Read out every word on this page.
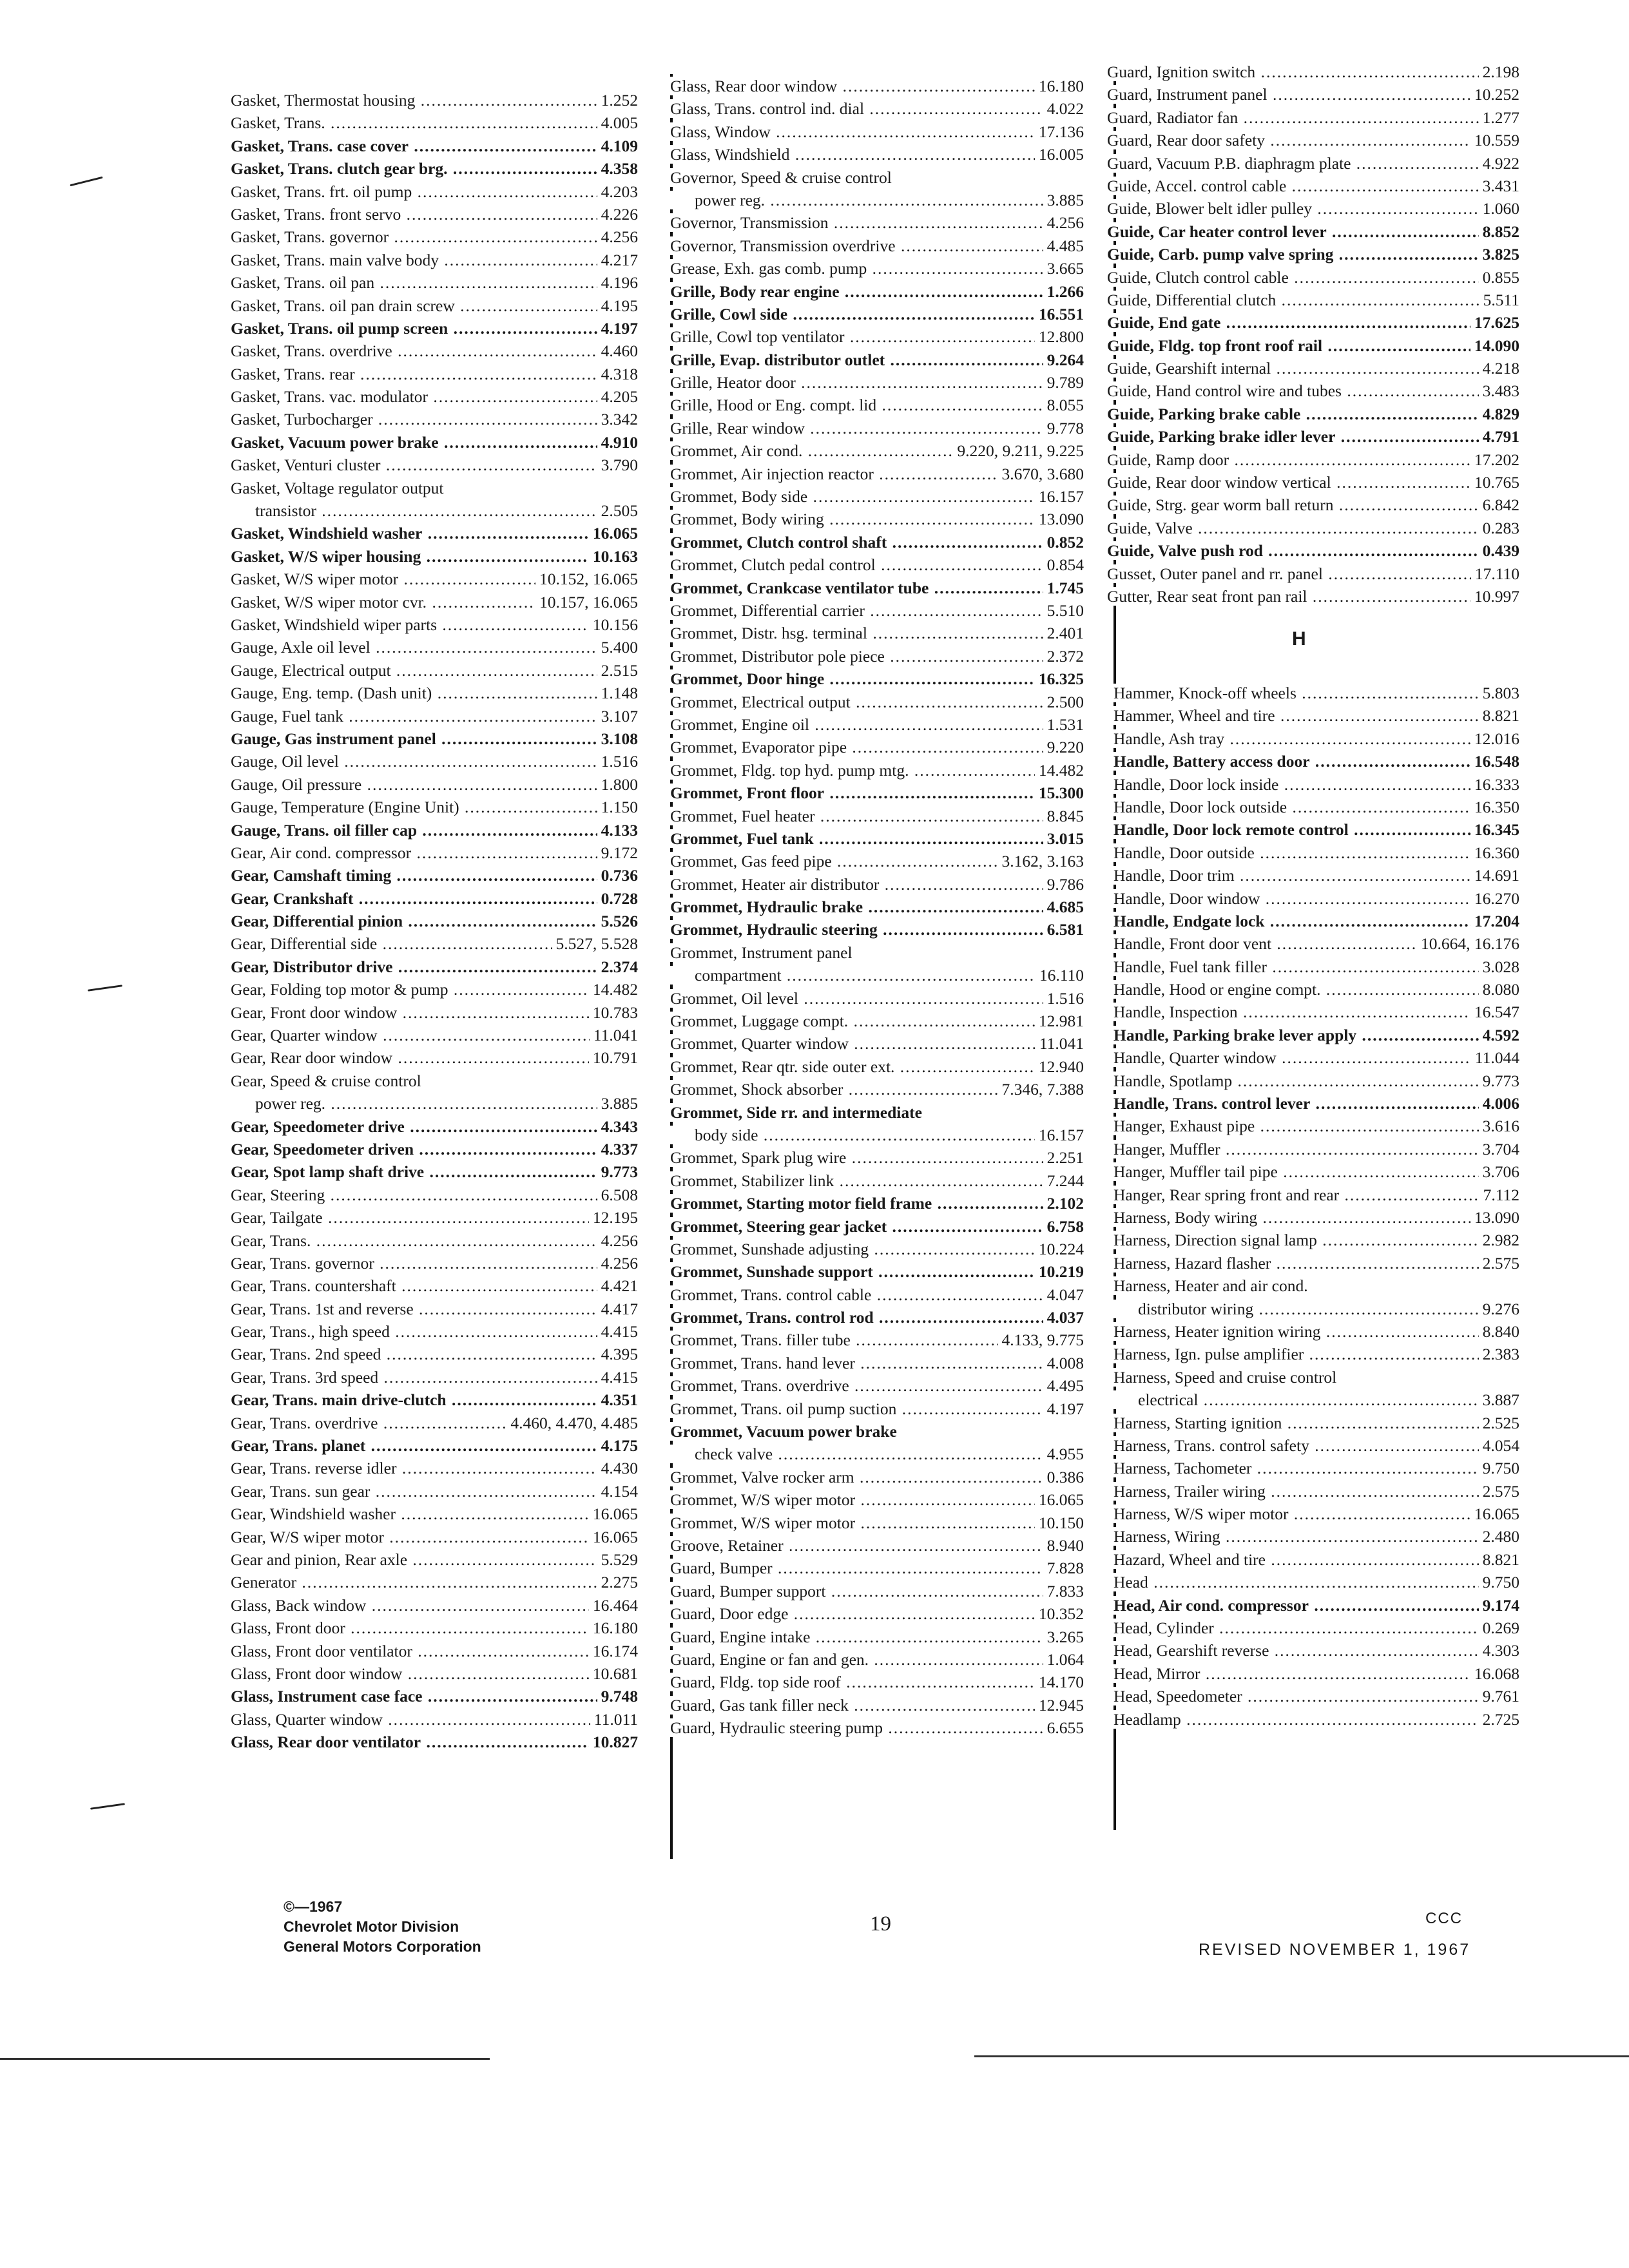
Gasket, Thermostat housing .....	1.252
Gasket, Trans. .....	4.005
Gasket, Trans. case cover .....	4.109
Gasket, Trans. clutch gear brg. .....	4.358
Gasket, Trans. frt. oil pump .....	4.203
Gasket, Trans. front servo .....	4.226
Gasket, Trans. governor .....	4.256
Gasket, Trans. main valve body .....	4.217
Gasket, Trans. oil pan .....	4.196
Gasket, Trans. oil pan drain screw .....	4.195
Gasket, Trans. oil pump screen .....	4.197
Gasket, Trans. overdrive .....	4.460
Gasket, Trans. rear .....	4.318
Gasket, Trans. vac. modulator .....	4.205
Gasket, Turbocharger .....	3.342
Gasket, Vacuum power brake .....	4.910
Gasket, Venturi cluster .....	3.790
Gasket, Voltage regulator output
transistor .....	2.505
Gasket, Windshield washer .....	16.065
Gasket, W/S wiper housing .....	10.163
Gasket, W/S wiper motor .....	10.152, 16.065
Gasket, W/S wiper motor cvr. .....	10.157, 16.065
Gasket, Windshield wiper parts .....	10.156
Gauge, Axle oil level .....	5.400
Gauge, Electrical output .....	2.515
Gauge, Eng. temp. (Dash unit) .....	1.148
Gauge, Fuel tank .....	3.107
Gauge, Gas instrument panel .....	3.108
Gauge, Oil level .....	1.516
Gauge, Oil pressure .....	1.800
Gauge, Temperature (Engine Unit) .....	1.150
Gauge, Trans. oil filler cap .....	4.133
Gear, Air cond. compressor .....	9.172
Gear, Camshaft timing .....	0.736
Gear, Crankshaft .....	0.728
Gear, Differential pinion .....	5.526
Gear, Differential side .....	5.527, 5.528
Gear, Distributor drive .....	2.374
Gear, Folding top motor & pump .....	14.482
Gear, Front door window .....	10.783
Gear, Quarter window .....	11.041
Gear, Rear door window .....	10.791
Gear, Speed & cruise control
power reg. .....	3.885
Gear, Speedometer drive .....	4.343
Gear, Speedometer driven .....	4.337
Gear, Spot lamp shaft drive .....	9.773
Gear, Steering .....	6.508
Gear, Tailgate .....	12.195
Gear, Trans. .....	4.256
Gear, Trans. governor .....	4.256
Gear, Trans. countershaft .....	4.421
Gear, Trans. 1st and reverse .....	4.417
Gear, Trans., high speed .....	4.415
Gear, Trans. 2nd speed .....	4.395
Gear, Trans. 3rd speed .....	4.415
Gear, Trans. main drive-clutch .....	4.351
Gear, Trans. overdrive .....	4.460, 4.470, 4.485
Gear, Trans. planet .....	4.175
Gear, Trans. reverse idler .....	4.430
Gear, Trans. sun gear .....	4.154
Gear, Windshield washer .....	16.065
Gear, W/S wiper motor .....	16.065
Gear and pinion, Rear axle .....	5.529
Generator .....	2.275
Glass, Back window .....	16.464
Glass, Front door .....	16.180
Glass, Front door ventilator .....	16.174
Glass, Front door window .....	10.681
Glass, Instrument case face .....	9.748
Glass, Quarter window .....	11.011
Glass, Rear door ventilator .....	10.827
Glass, Rear door window .....	16.180
Glass, Trans. control ind. dial .....	4.022
Glass, Window .....	17.136
Glass, Windshield .....	16.005
Governor, Speed & cruise control
power reg. .....	3.885
Governor, Transmission .....	4.256
Governor, Transmission overdrive .....	4.485
Grease, Exh. gas comb. pump .....	3.665
Grille, Body rear engine .....	1.266
Grille, Cowl side .....	16.551
Grille, Cowl top ventilator .....	12.800
Grille, Evap. distributor outlet .....	9.264
Grille, Heator door .....	9.789
Grille, Hood or Eng. compt. lid .....	8.055
Grille, Rear window .....	9.778
Grommet, Air cond. .....	9.220, 9.211, 9.225
Grommet, Air injection reactor .....	3.670, 3.680
Grommet, Body side .....	16.157
Grommet, Body wiring .....	13.090
Grommet, Clutch control shaft .....	0.852
Grommet, Clutch pedal control .....	0.854
Grommet, Crankcase ventilator tube .....	1.745
Grommet, Differential carrier .....	5.510
Grommet, Distr. hsg. terminal .....	2.401
Grommet, Distributor pole piece .....	2.372
Grommet, Door hinge .....	16.325
Grommet, Electrical output .....	2.500
Grommet, Engine oil .....	1.531
Grommet, Evaporator pipe .....	9.220
Grommet, Fldg. top hyd. pump mtg. .....	14.482
Grommet, Front floor .....	15.300
Grommet, Fuel heater .....	8.845
Grommet, Fuel tank .....	3.015
Grommet, Gas feed pipe .....	3.162, 3.163
Grommet, Heater air distributor .....	9.786
Grommet, Hydraulic brake .....	4.685
Grommet, Hydraulic steering .....	6.581
Grommet, Instrument panel
compartment .....	16.110
Grommet, Oil level .....	1.516
Grommet, Luggage compt. .....	12.981
Grommet, Quarter window .....	11.041
Grommet, Rear qtr. side outer ext. .....	12.940
Grommet, Shock absorber .....	7.346, 7.388
Grommet, Side rr. and intermediate
body side .....	16.157
Grommet, Spark plug wire .....	2.251
Grommet, Stabilizer link .....	7.244
Grommet, Starting motor field frame .....	2.102
Grommet, Steering gear jacket .....	6.758
Grommet, Sunshade adjusting .....	10.224
Grommet, Sunshade support .....	10.219
Grommet, Trans. control cable .....	4.047
Grommet, Trans. control rod .....	4.037
Grommet, Trans. filler tube .....	4.133, 9.775
Grommet, Trans. hand lever .....	4.008
Grommet, Trans. overdrive .....	4.495
Grommet, Trans. oil pump suction .....	4.197
Grommet, Vacuum power brake
check valve .....	4.955
Grommet, Valve rocker arm .....	0.386
Grommet, W/S wiper motor .....	16.065
Grommet, W/S wiper motor .....	10.150
Groove, Retainer .....	8.940
Guard, Bumper .....	7.828
Guard, Bumper support .....	7.833
Guard, Door edge .....	10.352
Guard, Engine intake .....	3.265
Guard, Engine or fan and gen. .....	1.064
Guard, Fldg. top side roof .....	14.170
Guard, Gas tank filler neck .....	12.945
Guard, Hydraulic steering pump .....	6.655
Guard, Ignition switch .....	2.198
Guard, Instrument panel .....	10.252
Guard, Radiator fan .....	1.277
Guard, Rear door safety .....	10.559
Guard, Vacuum P.B. diaphragm plate .....	4.922
Guide, Accel. control cable .....	3.431
Guide, Blower belt idler pulley .....	1.060
Guide, Car heater control lever .....	8.852
Guide, Carb. pump valve spring .....	3.825
Guide, Clutch control cable .....	0.855
Guide, Differential clutch .....	5.511
Guide, End gate .....	17.625
Guide, Fldg. top front roof rail .....	14.090
Guide, Gearshift internal .....	4.218
Guide, Hand control wire and tubes .....	3.483
Guide, Parking brake cable .....	4.829
Guide, Parking brake idler lever .....	4.791
Guide, Ramp door .....	17.202
Guide, Rear door window vertical .....	10.765
Guide, Strg. gear worm ball return .....	6.842
Guide, Valve .....	0.283
Guide, Valve push rod .....	0.439
Gusset, Outer panel and rr. panel .....	17.110
Gutter, Rear seat front pan rail .....	10.997
H
Hammer, Knock-off wheels .....	5.803
Hammer, Wheel and tire .....	8.821
Handle, Ash tray .....	12.016
Handle, Battery access door .....	16.548
Handle, Door lock inside .....	16.333
Handle, Door lock outside .....	16.350
Handle, Door lock remote control .....	16.345
Handle, Door outside .....	16.360
Handle, Door trim .....	14.691
Handle, Door window .....	16.270
Handle, Endgate lock .....	17.204
Handle, Front door vent .....	10.664, 16.176
Handle, Fuel tank filler .....	3.028
Handle, Hood or engine compt. .....	8.080
Handle, Inspection .....	16.547
Handle, Parking brake lever apply .....	4.592
Handle, Quarter window .....	11.044
Handle, Spotlamp .....	9.773
Handle, Trans. control lever .....	4.006
Hanger, Exhaust pipe .....	3.616
Hanger, Muffler .....	3.704
Hanger, Muffler tail pipe .....	3.706
Hanger, Rear spring front and rear .....	7.112
Harness, Body wiring .....	13.090
Harness, Direction signal lamp .....	2.982
Harness, Hazard flasher .....	2.575
Harness, Heater and air cond.
distributor wiring .....	9.276
Harness, Heater ignition wiring .....	8.840
Harness, Ign. pulse amplifier .....	2.383
Harness, Speed and cruise control
electrical .....	3.887
Harness, Starting ignition .....	2.525
Harness, Trans. control safety .....	4.054
Harness, Tachometer .....	9.750
Harness, Trailer wiring .....	2.575
Harness, W/S wiper motor .....	16.065
Harness, Wiring .....	2.480
Hazard, Wheel and tire .....	8.821
Head .....	9.750
Head, Air cond. compressor .....	9.174
Head, Cylinder .....	0.269
Head, Gearshift reverse .....	4.303
Head, Mirror .....	16.068
Head, Speedometer .....	9.761
Headlamp .....	2.725
©—1967
Chevrolet Motor Division
General Motors Corporation
19	CCC
REVISED NOVEMBER 1, 1967
